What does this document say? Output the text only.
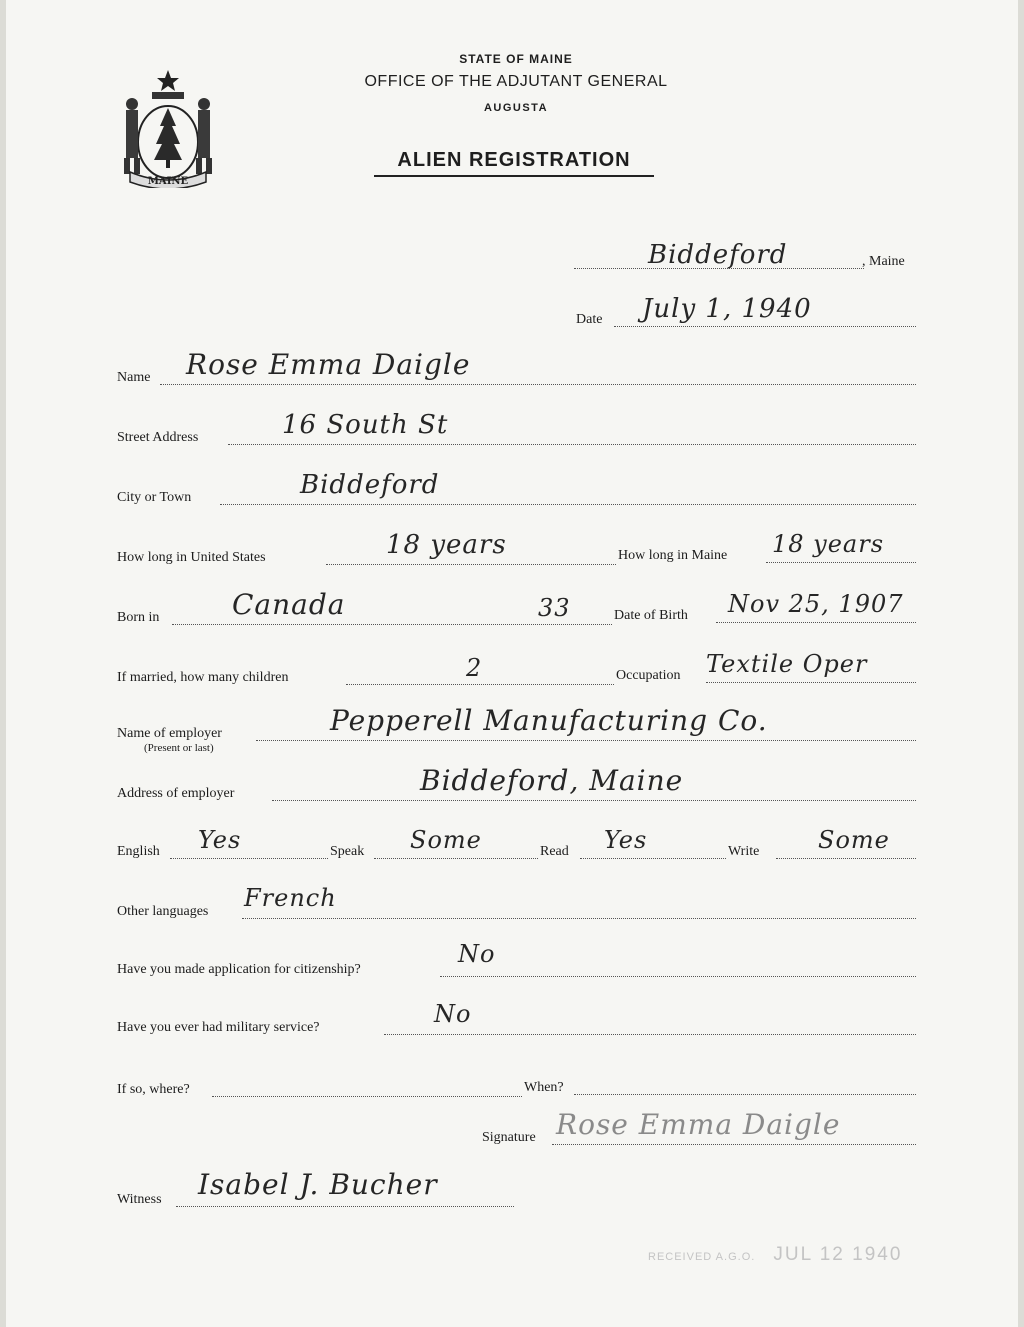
MAINE
STATE OF MAINE
OFFICE OF THE ADJUTANT GENERAL
AUGUSTA
ALIEN REGISTRATION
Biddeford	, Maine
Date July 1, 1940
Name Rose Emma Daigle
Street Address	16 South St
City or Town	Biddeford
How long in United States	18 years	How long in Maine 18 years
Born in	Canada	33	Date of Birth Nov 25, 1907
If married, how many children	2	Occupation Textile Oper
Name of employer
(Present or last)
Pepperell Manufacturing Co.
Address of employer	Biddeford, Maine
English Yes	Speak Some	Read Yes	Write Some
Other languages French
Have you made application for citizenship?
No
Have you ever had military service?	No
If so, where?	When?
Signature Rose Emma Daigle
Witness Isabel J. Bucher
RECEIVED A.G.O. JUL 12 1940
